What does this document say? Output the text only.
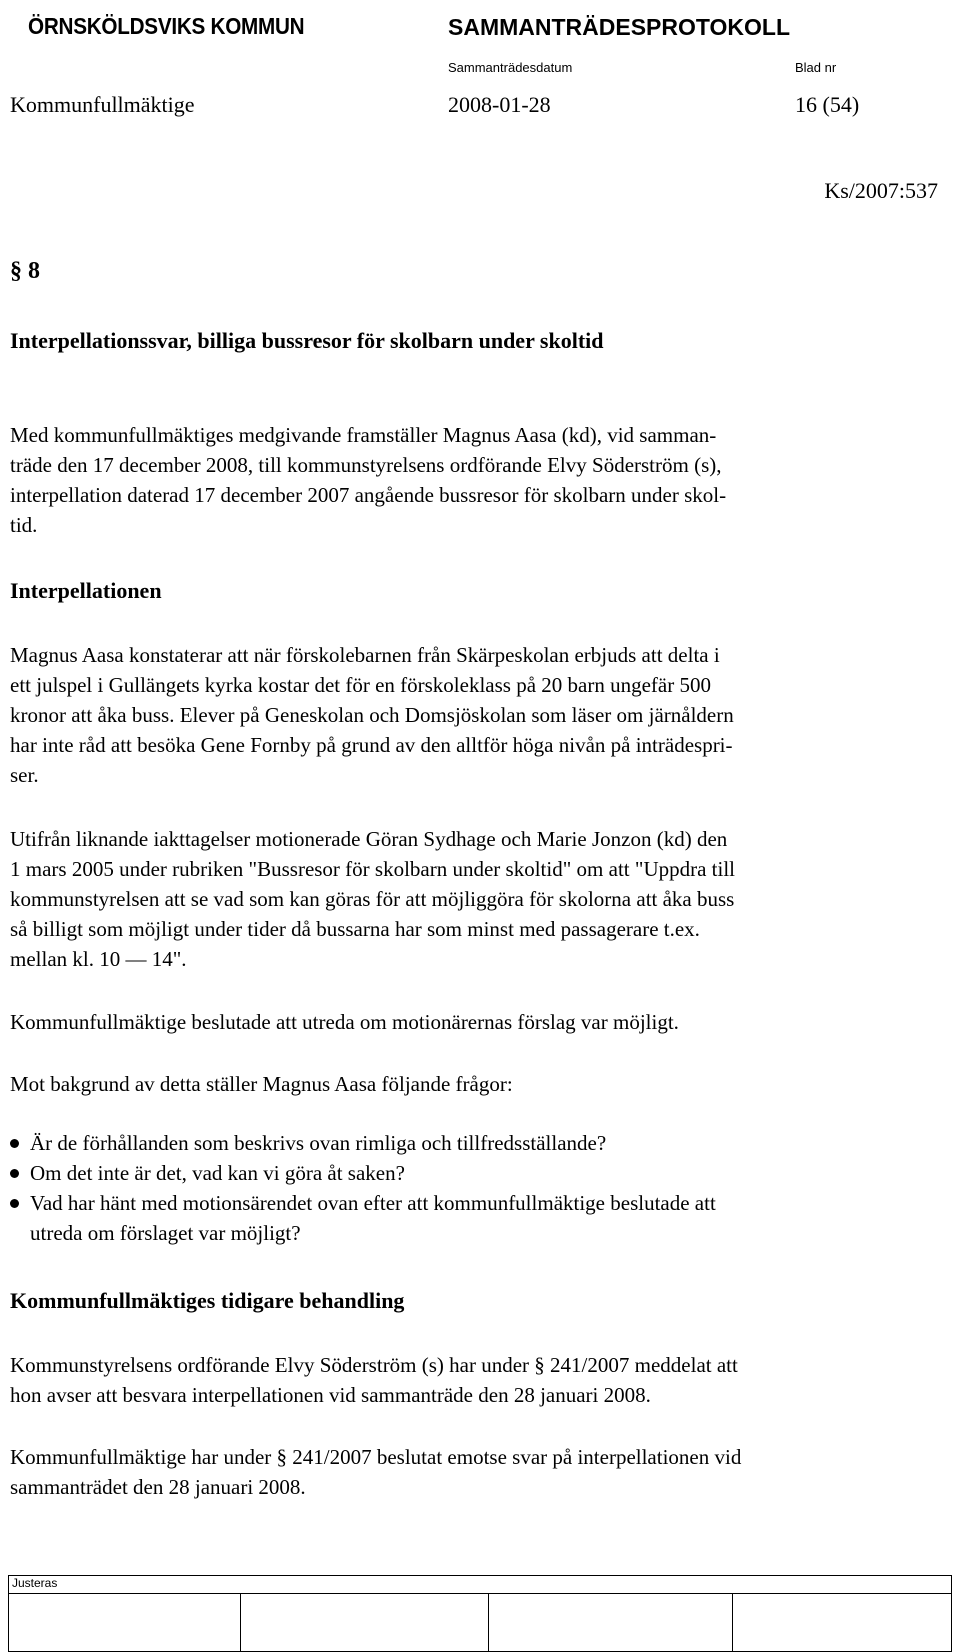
ÖRNSKÖLDSVIKS KOMMUN	SAMMANTRÄDESPROTOKOLL
Sammanträdesdatum	Blad nr
Kommunfullmäktige	2008-01-28	16 (54)
Ks/2007:537
§ 8
Interpellationssvar, billiga bussresor för skolbarn under skoltid
Med kommunfullmäktiges medgivande framställer Magnus Aasa (kd), vid samman-
träde den 17 december 2008, till kommunstyrelsens ordförande Elvy Söderström (s),
interpellation daterad 17 december 2007 angående bussresor för skolbarn under skol-
tid.
Interpellationen
Magnus Aasa konstaterar att när förskolebarnen från Skärpeskolan erbjuds att delta i
ett julspel i Gullängets kyrka kostar det för en förskoleklass på 20 barn ungefär 500
kronor att åka buss. Elever på Geneskolan och Domsjöskolan som läser om järnåldern
har inte råd att besöka Gene Fornby på grund av den alltför höga nivån på inträdespri-
ser.
Utifrån liknande iakttagelser motionerade Göran Sydhage och Marie Jonzon (kd) den
1 mars 2005 under rubriken "Bussresor för skolbarn under skoltid" om att "Uppdra till
kommunstyrelsen att se vad som kan göras för att möjliggöra för skolorna att åka buss
så billigt som möjligt under tider då bussarna har som minst med passagerare t.ex.
mellan kl. 10 — 14".
Kommunfullmäktige beslutade att utreda om motionärernas förslag var möjligt.
Mot bakgrund av detta ställer Magnus Aasa följande frågor:
Är de förhållanden som beskrivs ovan rimliga och tillfredsställande?
Om det inte är det, vad kan vi göra åt saken?
Vad har hänt med motionsärendet ovan efter att kommunfullmäktige beslutade att
utreda om förslaget var möjligt?
Kommunfullmäktiges tidigare behandling
Kommunstyrelsens ordförande Elvy Söderström (s) har under § 241/2007 meddelat att
hon avser att besvara interpellationen vid sammanträde den 28 januari 2008.
Kommunfullmäktige har under § 241/2007 beslutat emotse svar på interpellationen vid
sammanträdet den 28 januari 2008.
Justeras
